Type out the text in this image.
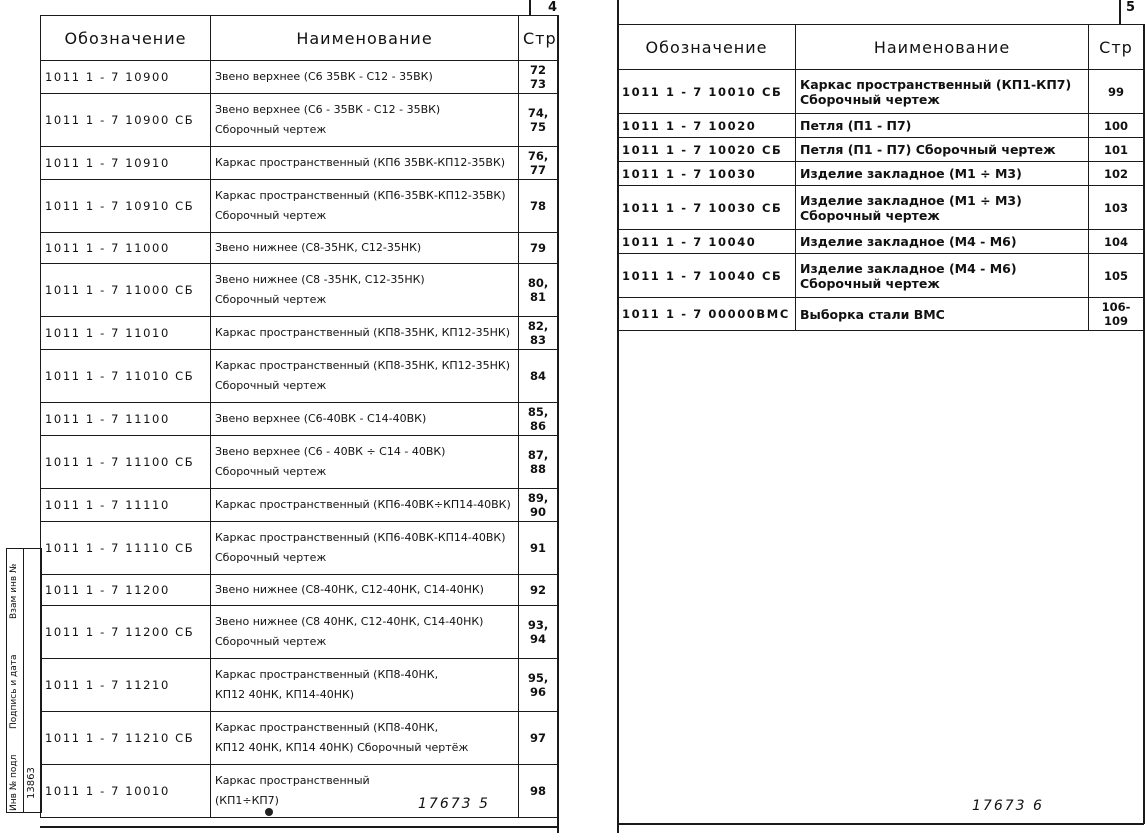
4
Обозначение	Наименование	Стр
1011 1 - 7 10900	Звено верхнее (С6 35ВК - С12 - 35ВК)	72 73
1011 1 - 7 10900 СБ	Звено верхнее (С6 - 35ВК - С12 - 35ВК)
Сборочный чертеж	74, 75
1011 1 - 7 10910	Каркас пространственный (КП6 35ВК-КП12-35ВК)	76, 77
1011 1 - 7 10910 СБ	Каркас пространственный (КП6-35ВК-КП12-35ВК)
Сборочный чертеж	78
1011 1 - 7 11000	Звено нижнее (С8-35НК, С12-35НК)	79
1011 1 - 7 11000 СБ	Звено нижнее (С8 -35НК, С12-35НК)
Сборочный чертеж	80, 81
1011 1 - 7 11010	Каркас пространственный (КП8-35НК, КП12-35НК)	82, 83
1011 1 - 7 11010 СБ	Каркас пространственный (КП8-35НК, КП12-35НК)
Сборочный чертеж	84
1011 1 - 7 11100	Звено верхнее (С6-40ВК - С14-40ВК)	85, 86
1011 1 - 7 11100 СБ	Звено верхнее (С6 - 40ВК ÷ С14 - 40ВК)
Сборочный чертеж	87, 88
1011 1 - 7 11110	Каркас пространственный (КП6-40ВК÷КП14-40ВК)	89, 90
1011 1 - 7 11110 СБ	Каркас пространственный (КП6-40ВК-КП14-40ВК)
Сборочный чертеж	91
1011 1 - 7 11200	Звено нижнее (С8-40НК, С12-40НК, С14-40НК)	92
1011 1 - 7 11200 СБ	Звено нижнее (С8 40НК, С12-40НК, С14-40НК)
Сборочный чертеж	93, 94
1011 1 - 7 11210	Каркас пространственный (КП8-40НК,
КП12 40НК, КП14-40НК)	95, 96
1011 1 - 7 11210 СБ	Каркас пространственный (КП8-40НК,
КП12 40НК, КП14 40НК) Сборочный чертёж	97
1011 1 - 7 10010	Каркас пространственный
(КП1÷КП7)	98
17673 5
Инв № подл
Подпись и дата
Взам инв №
13863
5
Обозначение	Наименование	Стр
1011 1 - 7 10010 СБ	Каркас пространственный (КП1-КП7)
Сборочный чертеж	99
1011 1 - 7 10020	Петля (П1 - П7)	100
1011 1 - 7 10020 СБ	Петля (П1 - П7) Сборочный чертеж	101
1011 1 - 7 10030	Изделие закладное (М1 ÷ М3)	102
1011 1 - 7 10030 СБ	Изделие закладное (М1 ÷ М3)
Сборочный чертеж	103
1011 1 - 7 10040	Изделие закладное (М4 - М6)	104
1011 1 - 7 10040 СБ	Изделие закладное (М4 - М6)
Сборочный чертеж	105
1011 1 - 7 00000ВМС	Выборка стали ВМС	106-109
17673 6
